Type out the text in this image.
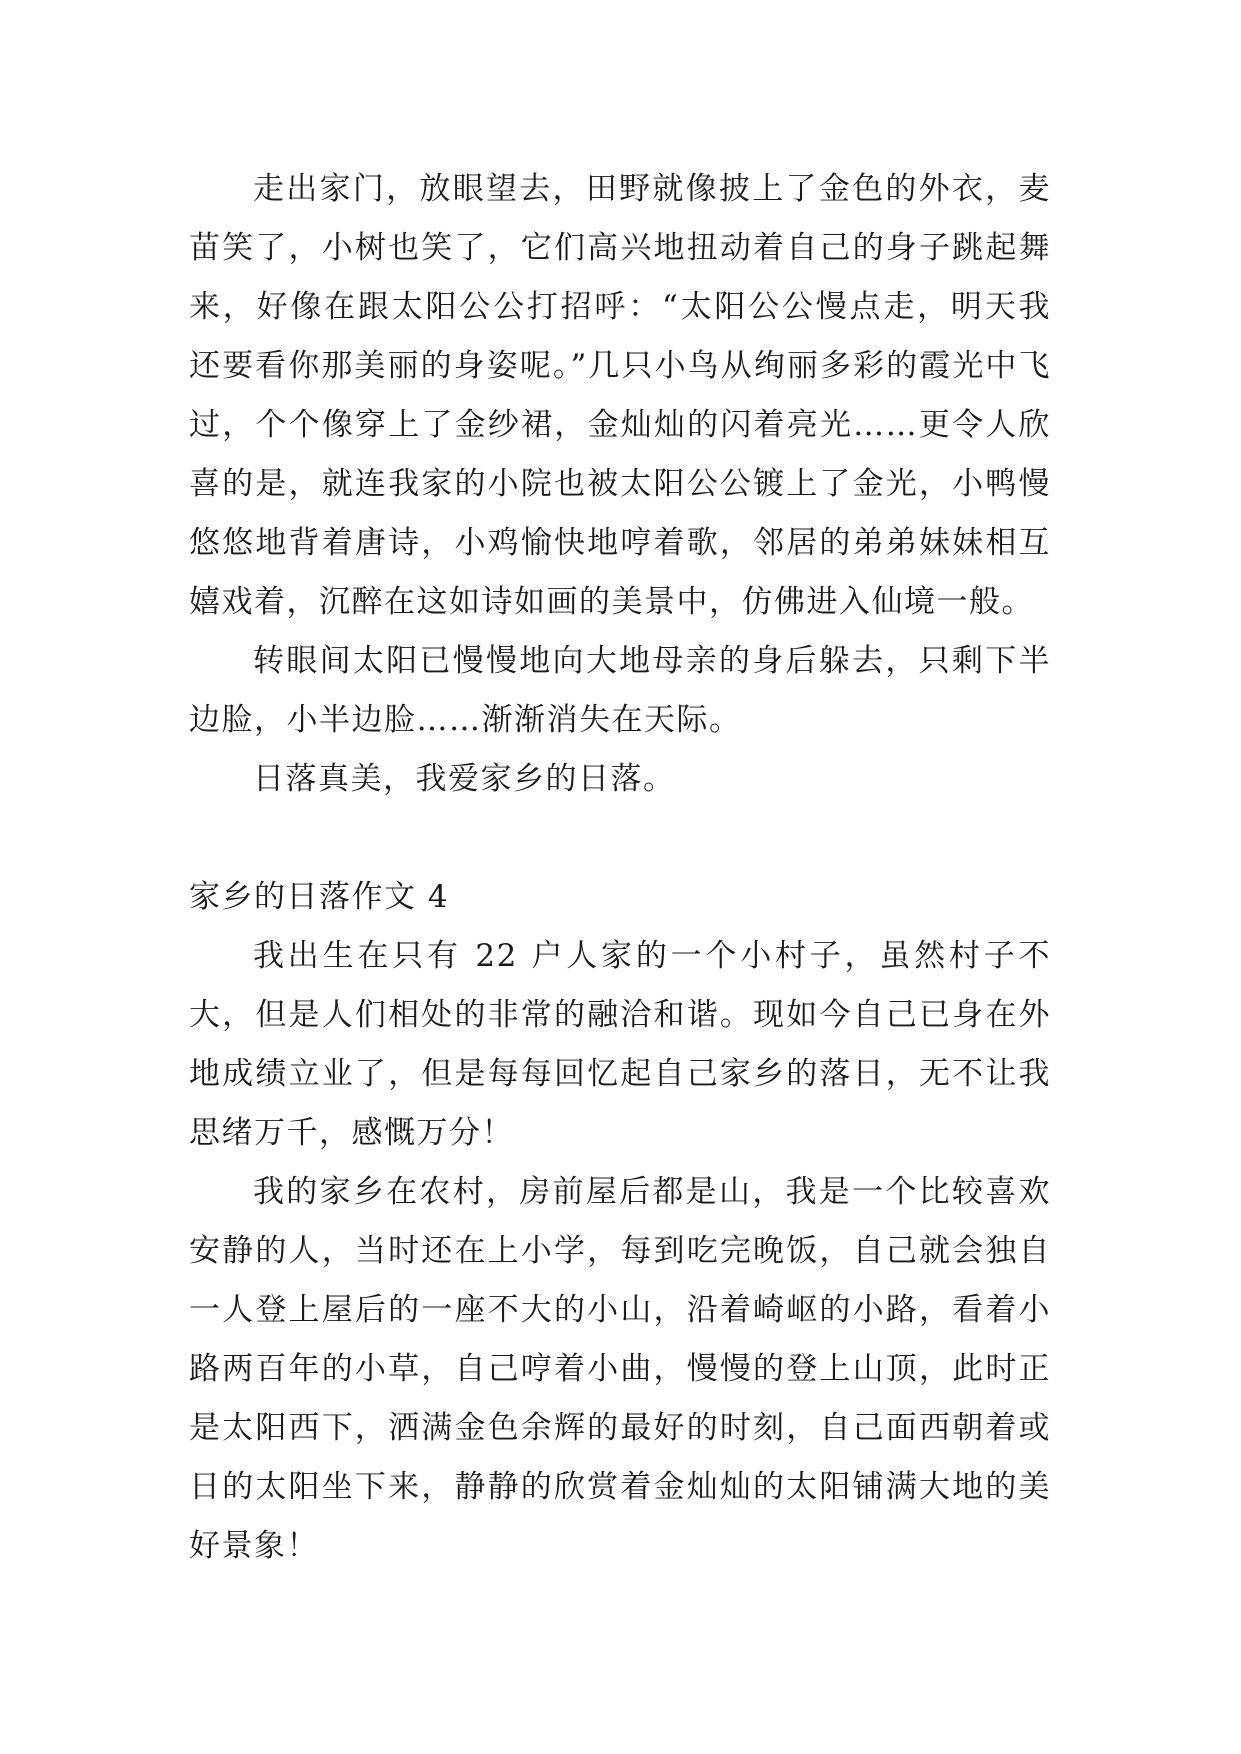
走出家门，放眼望去，田野就像披上了金色的外衣，麦苗笑了，小树也笑了，它们高兴地扭动着自己的身子跳起舞来，好像在跟太阳公公打招呼：“太阳公公慢点走，明天我还要看你那美丽的身姿呢。”几只小鸟从绚丽多彩的霞光中飞过，个个像穿上了金纱裙，金灿灿的闪着亮光……更令人欣喜的是，就连我家的小院也被太阳公公镀上了金光，小鸭慢悠悠地背着唐诗，小鸡愉快地哼着歌，邻居的弟弟妹妹相互嬉戏着，沉醉在这如诗如画的美景中，仿佛进入仙境一般。

转眼间太阳已慢慢地向大地母亲的身后躲去，只剩下半边脸，小半边脸……渐渐消失在天际。

日落真美，我爱家乡的日落。

家乡的日落作文 4

我出生在只有 22 户人家的一个小村子，虽然村子不大，但是人们相处的非常的融洽和谐。现如今自己已身在外地成绩立业了，但是每每回忆起自己家乡的落日，无不让我思绪万千，感慨万分！

我的家乡在农村，房前屋后都是山，我是一个比较喜欢安静的人，当时还在上小学，每到吃完晚饭，自己就会独自一人登上屋后的一座不大的小山，沿着崎岖的小路，看着小路两百年的小草，自己哼着小曲，慢慢的登上山顶，此时正是太阳西下，洒满金色余辉的最好的时刻，自己面西朝着或日的太阳坐下来，静静的欣赏着金灿灿的太阳铺满大地的美好景象！
